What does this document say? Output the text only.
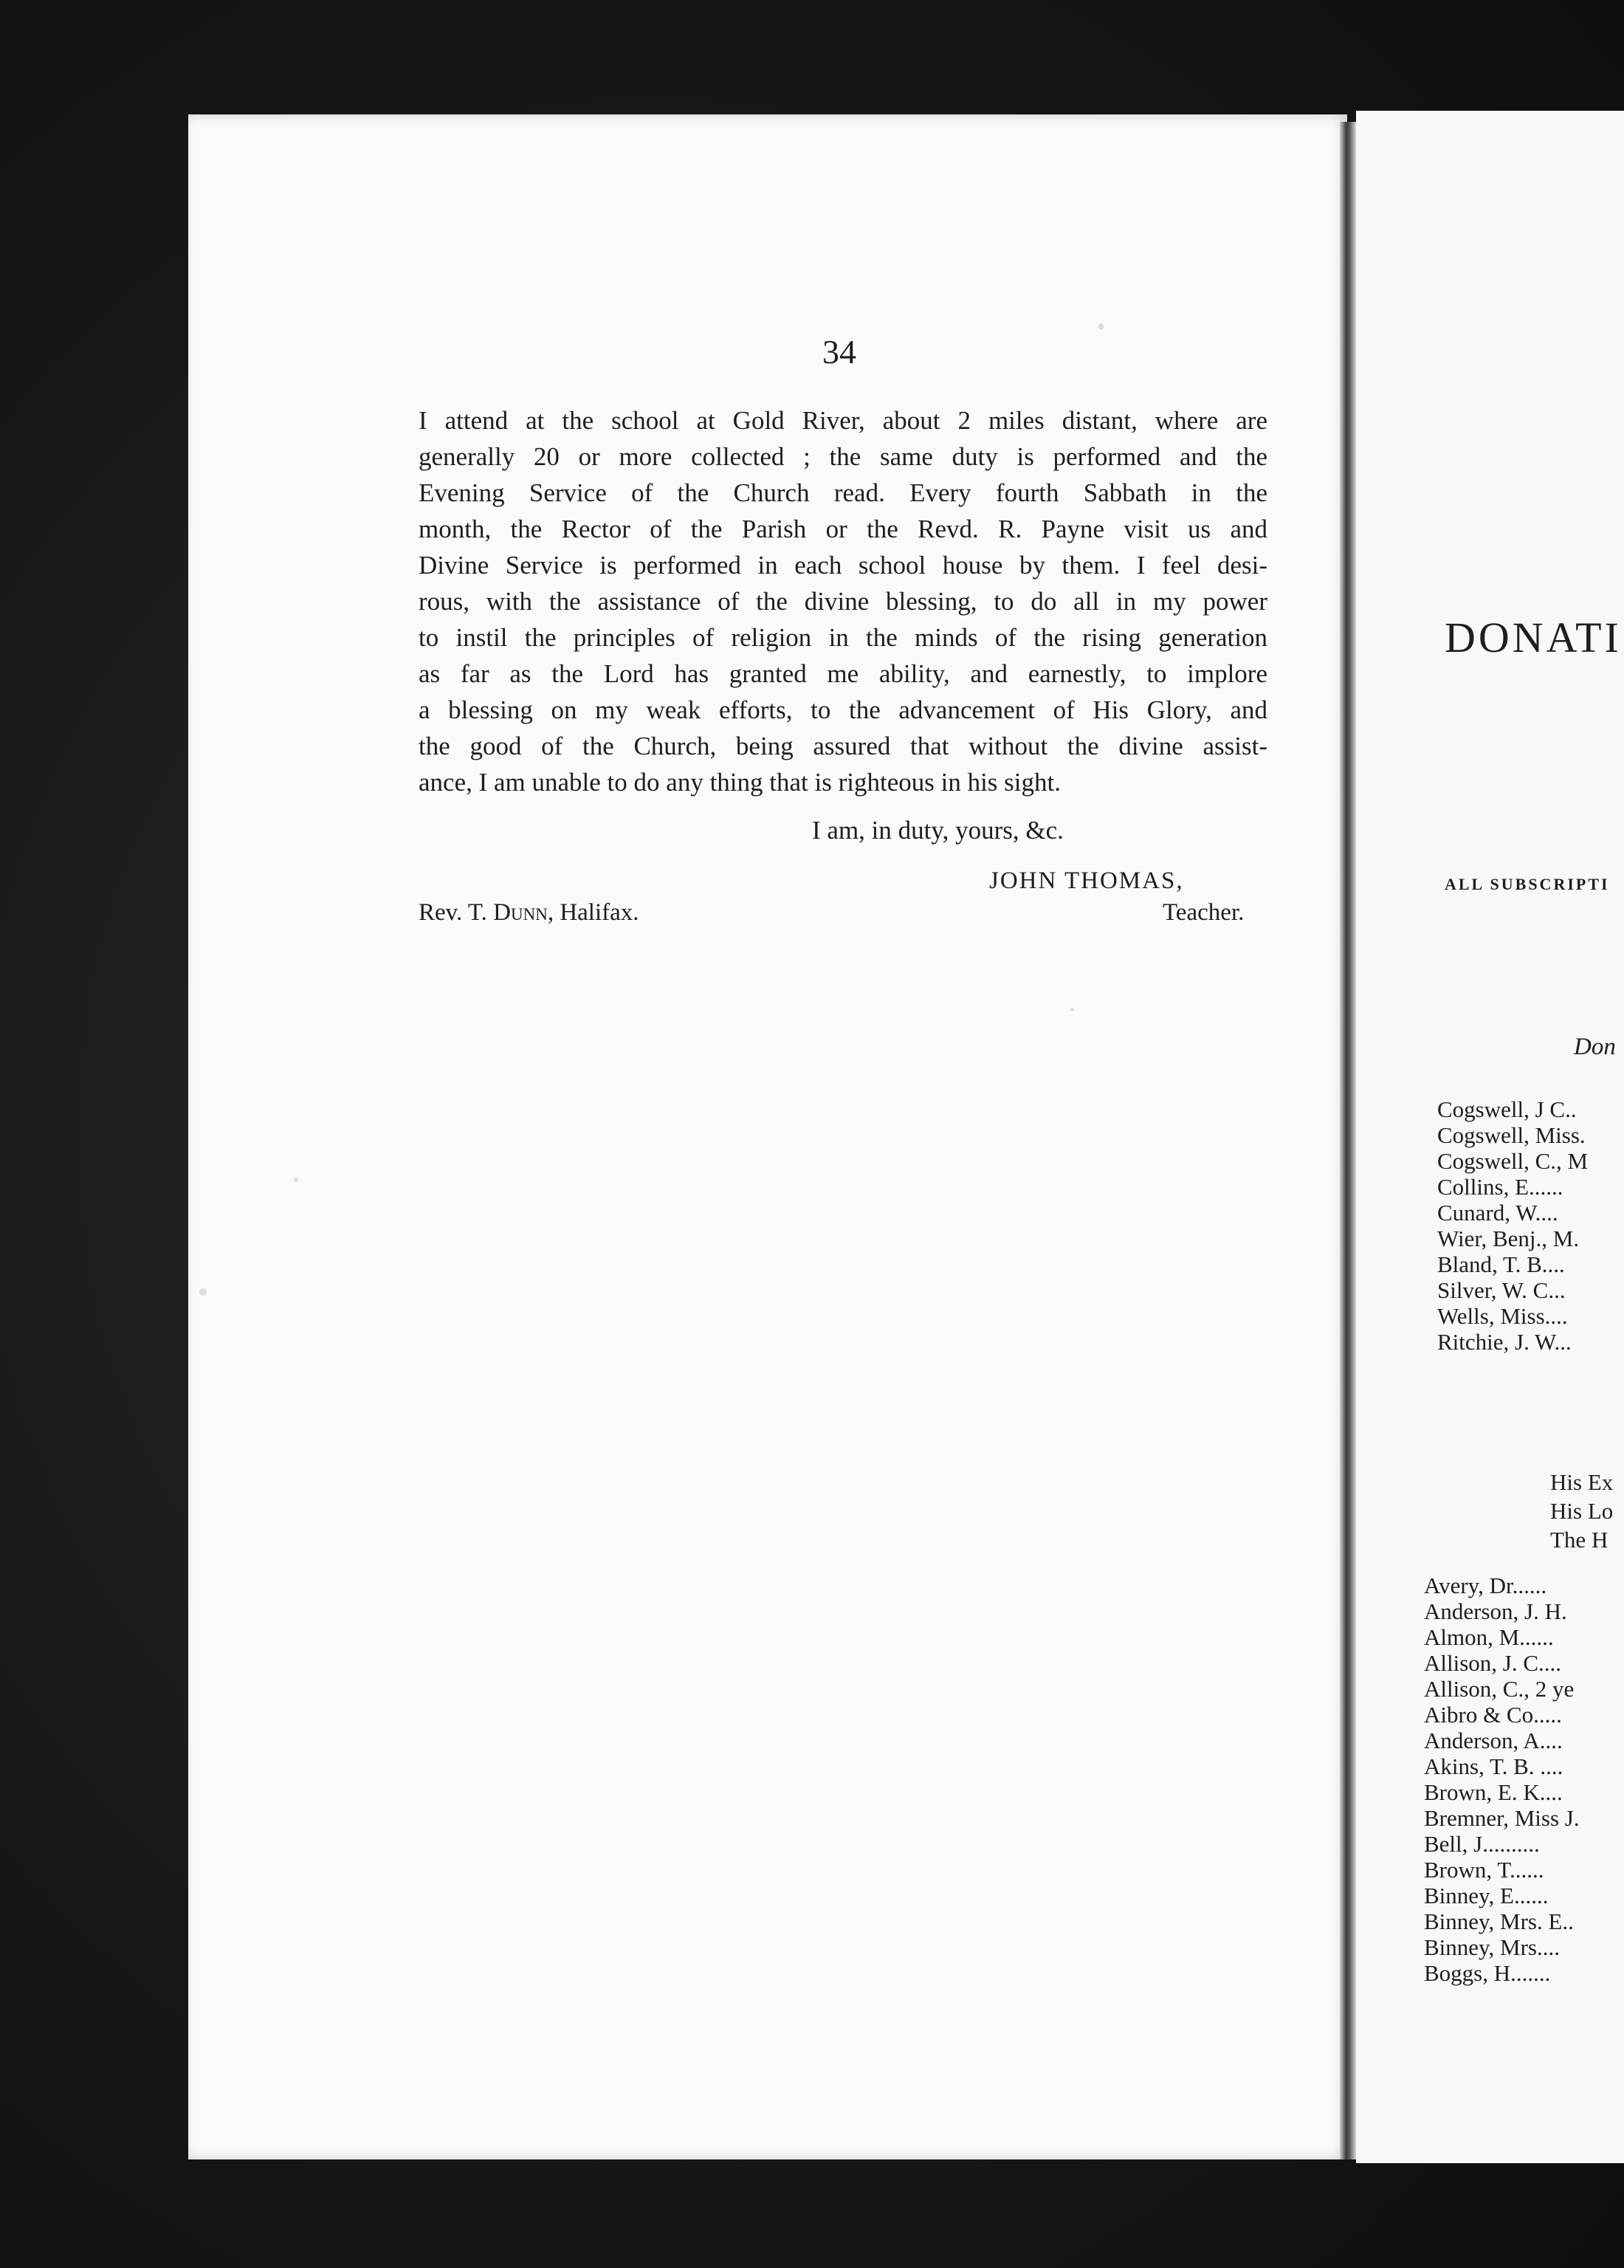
DONATI
ALL SUBSCRIPTI
Don
Cogswell, J C..
Cogswell, Miss.
Cogswell, C., M
Collins, E......
Cunard, W....
Wier, Benj., M.
Bland, T. B....
Silver, W. C...
Wells, Miss....
Ritchie, J. W...
His Ex
His Lo
The H
Avery, Dr......
Anderson, J. H.
Almon, M......
Allison, J. C....
Allison, C., 2 ye
Aibro & Co.....
Anderson, A....
Akins, T. B. ....
Brown, E. K....
Bremner, Miss J.
Bell, J..........
Brown, T......
Binney, E......
Binney, Mrs. E..
Binney, Mrs....
Boggs, H.......
34
I attend at the school at Gold River, about 2 miles distant, where are
generally 20 or more collected ; the same duty is performed and the
Evening Service of the Church read. Every fourth Sabbath in the
month, the Rector of the Parish or the Revd. R. Payne visit us and
Divine Service is performed in each school house by them. I feel desi-
rous, with the assistance of the divine blessing, to do all in my power
to instil the principles of religion in the minds of the rising generation
as far as the Lord has granted me ability, and earnestly, to implore
a blessing on my weak efforts, to the advancement of His Glory, and
the good of the Church, being assured that without the divine assist-
ance, I am unable to do any thing that is righteous in his sight.
I am, in duty, yours, &c.
JOHN THOMAS,
Rev. T. Dunn, Halifax.	Teacher.
